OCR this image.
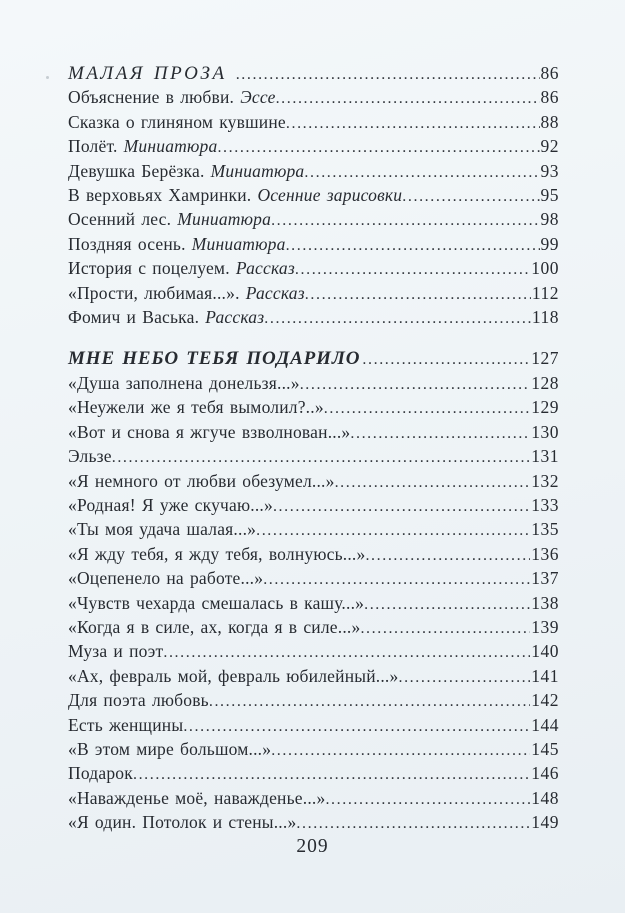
МАЛАЯ ПРОЗА .....	86
Объяснение в любви. Эссе .....	86
Сказка о глиняном кувшине .....	88
Полёт. Миниатюра .....	92
Девушка Берёзка. Миниатюра .....	93
В верховьях Хамринки. Осенние зарисовки .....	95
Осенний лес. Миниатюра .....	98
Поздняя осень. Миниатюра .....	99
История с поцелуем. Рассказ .....	100
«Прости, любимая...». Рассказ .....	112
Фомич и Васька. Рассказ .....	118
МНЕ НЕБО ТЕБЯ ПОДАРИЛО .....	127
«Душа заполнена донельзя...» .....	128
«Неужели же я тебя вымолил?..» .....	129
«Вот и снова я жгуче взволнован...» .....	130
Эльзе .....	131
«Я немного от любви обезумел...» .....	132
«Родная! Я уже скучаю...» .....	133
«Ты моя удача шалая...» .....	135
«Я жду тебя, я жду тебя, волнуюсь...» .....	136
«Оцепенело на работе...» .....	137
«Чувств чехарда смешалась в кашу...» .....	138
«Когда я в силе, ах, когда я в силе...» .....	139
Муза и поэт .....	140
«Ах, февраль мой, февраль юбилейный...» .....	141
Для поэта любовь .....	142
Есть женщины .....	144
«В этом мире большом...» .....	145
Подарок .....	146
«Наважденье моё, наважденье...» .....	148
«Я один. Потолок и стены...» .....	149
209
